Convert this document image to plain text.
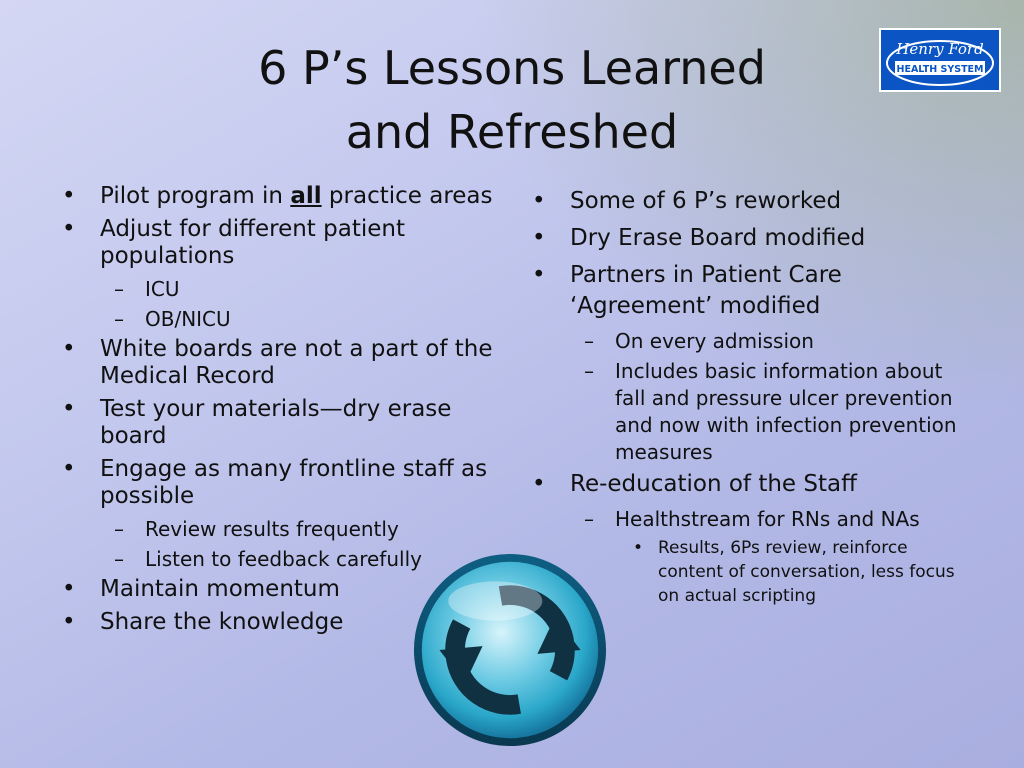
6 P’s Lessons Learned
and Refreshed
Henry Ford
HEALTH SYSTEM
• Pilot program in all practice areas
• Adjust for different patient populations
– ICU
– OB/NICU
• White boards are not a part of the Medical Record
• Test your materials—dry erase board
• Engage as many frontline staff as possible
– Review results frequently
– Listen to feedback carefully
• Maintain momentum
• Share the knowledge
• Some of 6 P’s reworked
• Dry Erase Board modified
• Partners in Patient Care ‘Agreement’ modified
– On every admission
– Includes basic information about fall and pressure ulcer prevention and now with infection prevention measures
• Re-education of the Staff
– Healthstream for RNs and NAs
• Results, 6Ps review, reinforce content of conversation, less focus on actual scripting
